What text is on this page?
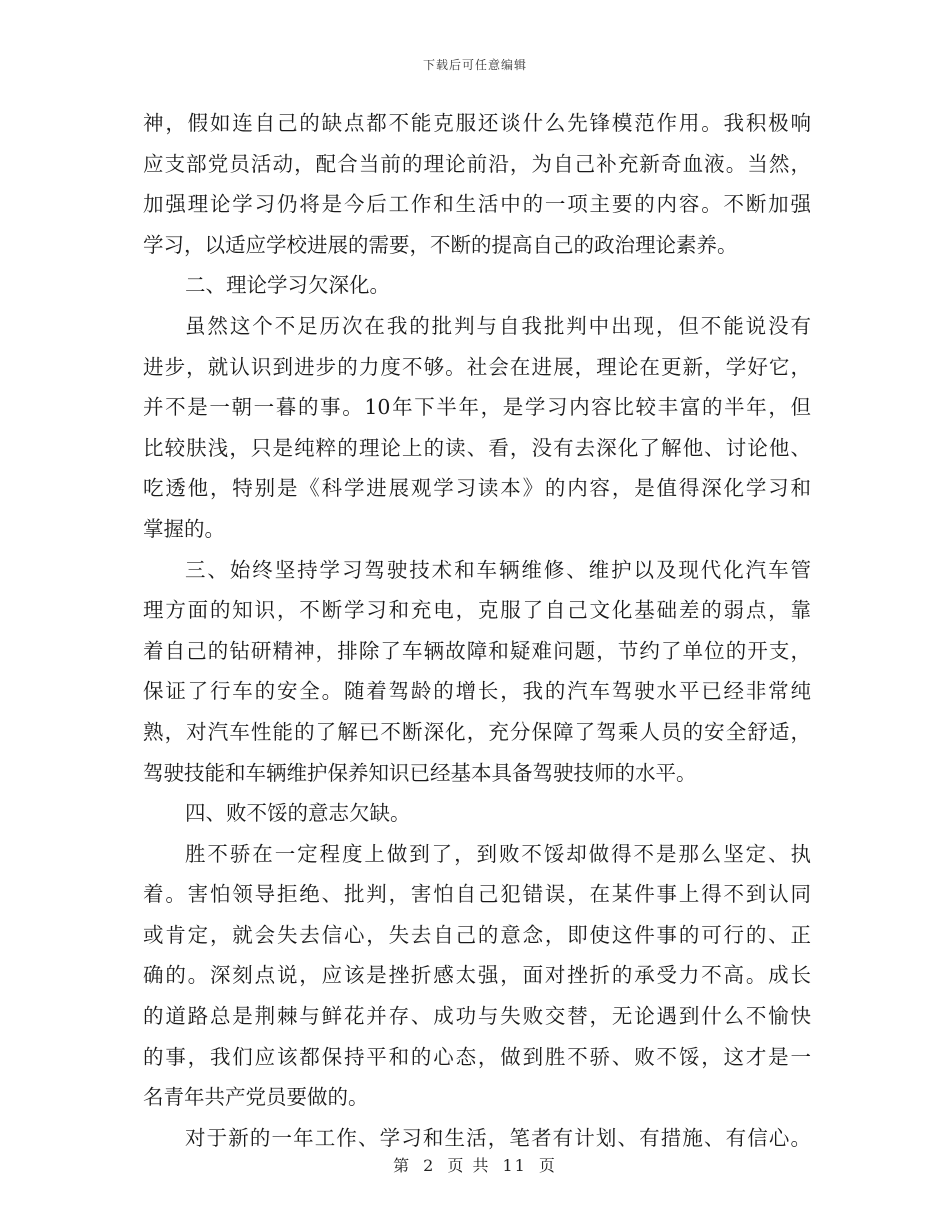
下载后可任意编辑
神，假如连自己的缺点都不能克服还谈什么先锋模范作用。我积极响
应支部党员活动，配合当前的理论前沿，为自己补充新奇血液。当然，
加强理论学习仍将是今后工作和生活中的一项主要的内容。不断加强
学习，以适应学校进展的需要，不断的提高自己的政治理论素养。
二、理论学习欠深化。
虽然这个不足历次在我的批判与自我批判中出现，但不能说没有
进步，就认识到进步的力度不够。社会在进展，理论在更新，学好它，
并不是一朝一暮的事。10年下半年，是学习内容比较丰富的半年，但
比较肤浅，只是纯粹的理论上的读、看，没有去深化了解他、讨论他、
吃透他，特别是《科学进展观学习读本》的内容，是值得深化学习和
掌握的。
三、始终坚持学习驾驶技术和车辆维修、维护以及现代化汽车管
理方面的知识，不断学习和充电，克服了自己文化基础差的弱点，靠
着自己的钻研精神，排除了车辆故障和疑难问题，节约了单位的开支，
保证了行车的安全。随着驾龄的增长，我的汽车驾驶水平已经非常纯
熟，对汽车性能的了解已不断深化，充分保障了驾乘人员的安全舒适，
驾驶技能和车辆维护保养知识已经基本具备驾驶技师的水平。
四、败不馁的意志欠缺。
胜不骄在一定程度上做到了，到败不馁却做得不是那么坚定、执
着。害怕领导拒绝、批判，害怕自己犯错误，在某件事上得不到认同
或肯定，就会失去信心，失去自己的意念，即使这件事的可行的、正
确的。深刻点说，应该是挫折感太强，面对挫折的承受力不高。成长
的道路总是荆棘与鲜花并存、成功与失败交替，无论遇到什么不愉快
的事，我们应该都保持平和的心态，做到胜不骄、败不馁，这才是一
名青年共产党员要做的。
对于新的一年工作、学习和生活，笔者有计划、有措施、有信心。
第 2 页 共 11 页
